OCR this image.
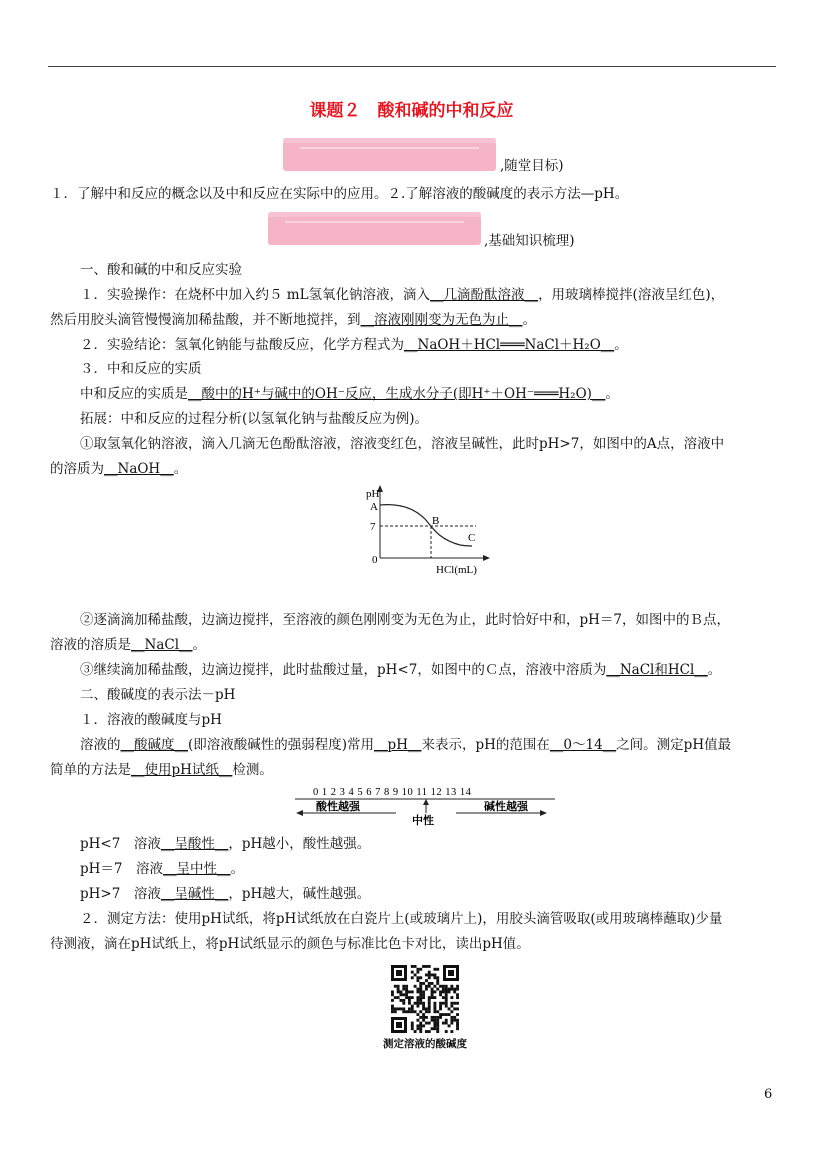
课题２　酸和碱的中和反应
,随堂目标)
１．了解中和反应的概念以及中和反应在实际中的应用。２.了解溶液的酸碱度的表示方法—pH。
,基础知识梳理)
一、酸和碱的中和反应实验
１．实验操作：在烧杯中加入约５ mL氢氧化钠溶液，滴入__几滴酚酞溶液__，用玻璃棒搅拌(溶液呈红色)，
然后用胶头滴管慢慢滴加稀盐酸，并不断地搅拌，到__溶液刚刚变为无色为止__。
２．实验结论：氢氧化钠能与盐酸反应，化学方程式为__NaOH＋HCl═══NaCl＋H₂O__。
３．中和反应的实质
中和反应的实质是__酸中的H⁺与碱中的OH⁻反应，生成水分子(即H⁺＋OH⁻═══H₂O)__。
拓展：中和反应的过程分析(以氢氧化钠与盐酸反应为例)。
①取氢氧化钠溶液，滴入几滴无色酚酞溶液，溶液变红色，溶液呈碱性，此时pH>7，如图中的A点，溶液中
的溶质为__NaOH__。
pH
A
7
0
B
C
HCl(mL)
②逐滴滴加稀盐酸，边滴边搅拌，至溶液的颜色刚刚变为无色为止，此时恰好中和，pH＝7，如图中的Ｂ点，
溶液的溶质是__NaCl__。
③继续滴加稀盐酸，边滴边搅拌，此时盐酸过量，pH<7，如图中的Ｃ点，溶液中溶质为__NaCl和HCl__。
二、酸碱度的表示法－pH
１．溶液的酸碱度与pH
溶液的__酸碱度__(即溶液酸碱性的强弱程度)常用__pH__来表示，pH的范围在__0～14__之间。测定pH值最
简单的方法是__使用pH试纸__检测。
0 1 2 3 4 5 6 7 8 9 10 11 12 13 14
酸性越强
中性
碱性越强
pH<7　溶液__呈酸性__，pH越小，酸性越强。
pH＝7　溶液__呈中性__。
pH>7　溶液__呈碱性__，pH越大，碱性越强。
２．测定方法：使用pH试纸，将pH试纸放在白瓷片上(或玻璃片上)，用胶头滴管吸取(或用玻璃棒蘸取)少量
待测液，滴在pH试纸上，将pH试纸显示的颜色与标准比色卡对比，读出pH值。
测定溶液的酸碱度
6
